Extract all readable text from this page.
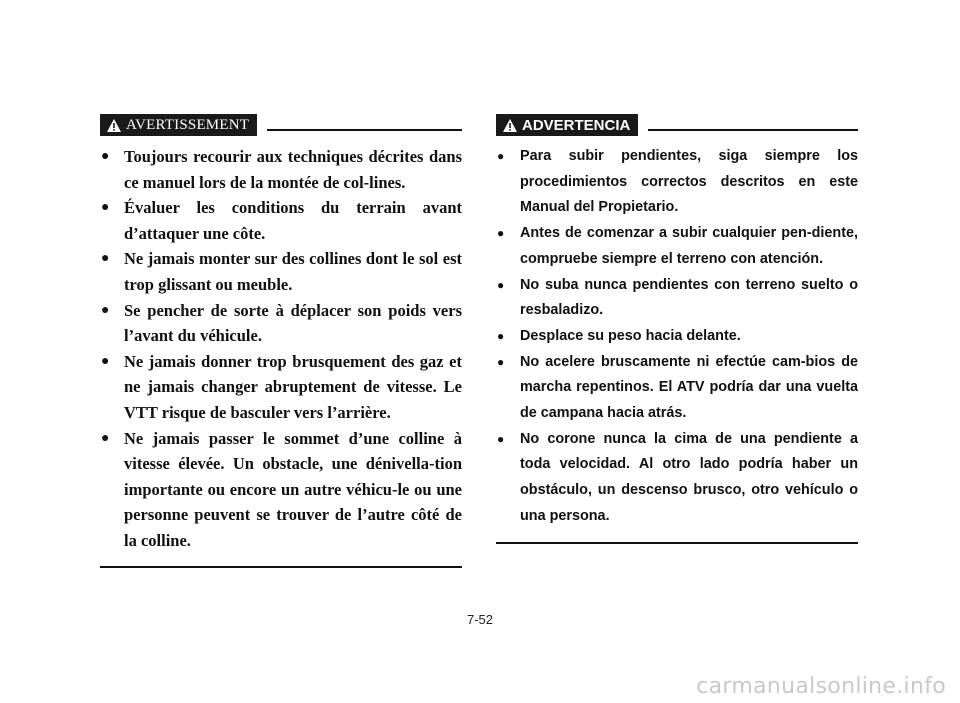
AVERTISSEMENT
● Toujours recourir aux techniques décrites dans ce manuel lors de la montée de col-lines.
● Évaluer les conditions du terrain avant d’attaquer une côte.
● Ne jamais monter sur des collines dont le sol est trop glissant ou meuble.
● Se pencher de sorte à déplacer son poids vers l’avant du véhicule.
● Ne jamais donner trop brusquement des gaz et ne jamais changer abruptement de vitesse. Le VTT risque de basculer vers l’arrière.
● Ne jamais passer le sommet d’une colline à vitesse élevée. Un obstacle, une dénivella-tion importante ou encore un autre véhicu-le ou une personne peuvent se trouver de l’autre côté de la colline.
ADVERTENCIA
● Para subir pendientes, siga siempre los procedimientos correctos descritos en este Manual del Propietario.
● Antes de comenzar a subir cualquier pen-diente, compruebe siempre el terreno con atención.
● No suba nunca pendientes con terreno suelto o resbaladizo.
● Desplace su peso hacia delante.
● No acelere bruscamente ni efectúe cam-bios de marcha repentinos. El ATV podría dar una vuelta de campana hacia atrás.
● No corone nunca la cima de una pendiente a toda velocidad. Al otro lado podría haber un obstáculo, un descenso brusco, otro vehículo o una persona.
7-52
carmanualsonline.info
